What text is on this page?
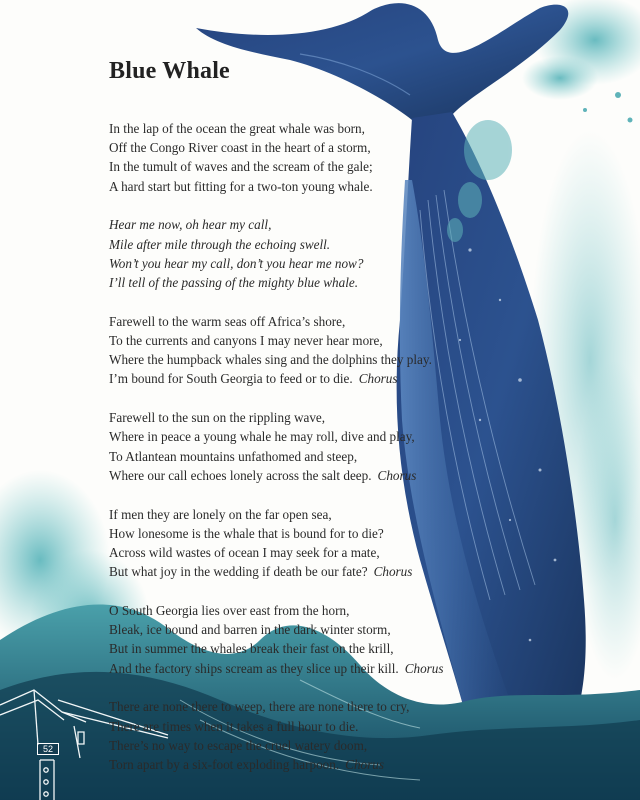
Blue Whale
In the lap of the ocean the great whale was born,
Off the Congo River coast in the heart of a storm,
In the tumult of waves and the scream of the gale;
A hard start but fitting for a two-ton young whale.
Hear me now, oh hear my call,
Mile after mile through the echoing swell.
Won’t you hear my call, don’t you hear me now?
I’ll tell of the passing of the mighty blue whale.
Farewell to the warm seas off Africa’s shore,
To the currents and canyons I may never hear more,
Where the humpback whales sing and the dolphins they play.
I’m bound for South Georgia to feed or to die. Chorus
Farewell to the sun on the rippling wave,
Where in peace a young whale he may roll, dive and play,
To Atlantean mountains unfathomed and steep,
Where our call echoes lonely across the salt deep. Chorus
If men they are lonely on the far open sea,
How lonesome is the whale that is bound for to die?
Across wild wastes of ocean I may seek for a mate,
But what joy in the wedding if death be our fate? Chorus
O South Georgia lies over east from the horn,
Bleak, ice bound and barren in the dark winter storm,
But in summer the whales break their fast on the krill,
And the factory ships scream as they slice up their kill. Chorus
There are none there to weep, there are none there to cry,
There are times when it takes a full hour to die.
There’s no way to escape the cruel watery doom,
Torn apart by a six-foot exploding harpoon. Chorus
52
